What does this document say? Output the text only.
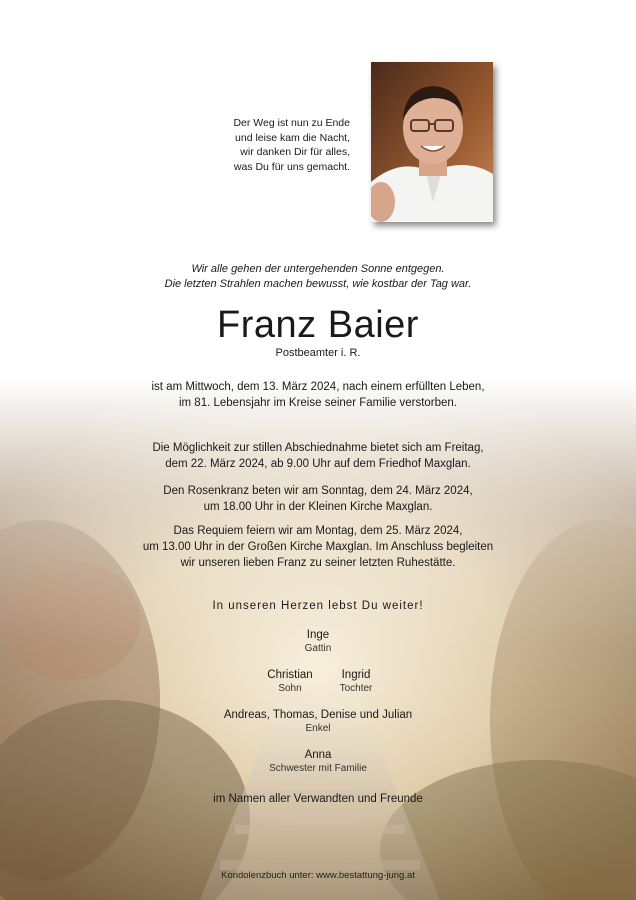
Der Weg ist nun zu Ende
und leise kam die Nacht,
wir danken Dir für alles,
was Du für uns gemacht.
Wir alle gehen der untergehenden Sonne entgegen.
Die letzten Strahlen machen bewusst, wie kostbar der Tag war.
Franz Baier
Postbeamter i. R.
ist am Mittwoch, dem 13. März 2024, nach einem erfüllten Leben,
im 81. Lebensjahr im Kreise seiner Familie verstorben.
Die Möglichkeit zur stillen Abschiednahme bietet sich am Freitag,
dem 22. März 2024, ab 9.00 Uhr auf dem Friedhof Maxglan.
Den Rosenkranz beten wir am Sonntag, dem 24. März 2024,
um 18.00 Uhr in der Kleinen Kirche Maxglan.
Das Requiem feiern wir am Montag, dem 25. März 2024,
um 13.00 Uhr in der Großen Kirche Maxglan. Im Anschluss begleiten
wir unseren lieben Franz zu seiner letzten Ruhestätte.
In unseren Herzen lebst Du weiter!
Inge
Gattin
Christian
Sohn
Ingrid
Tochter
Andreas, Thomas, Denise und Julian
Enkel
Anna
Schwester mit Familie
im Namen aller Verwandten und Freunde
Kondolenzbuch unter: www.bestattung-jung.at
